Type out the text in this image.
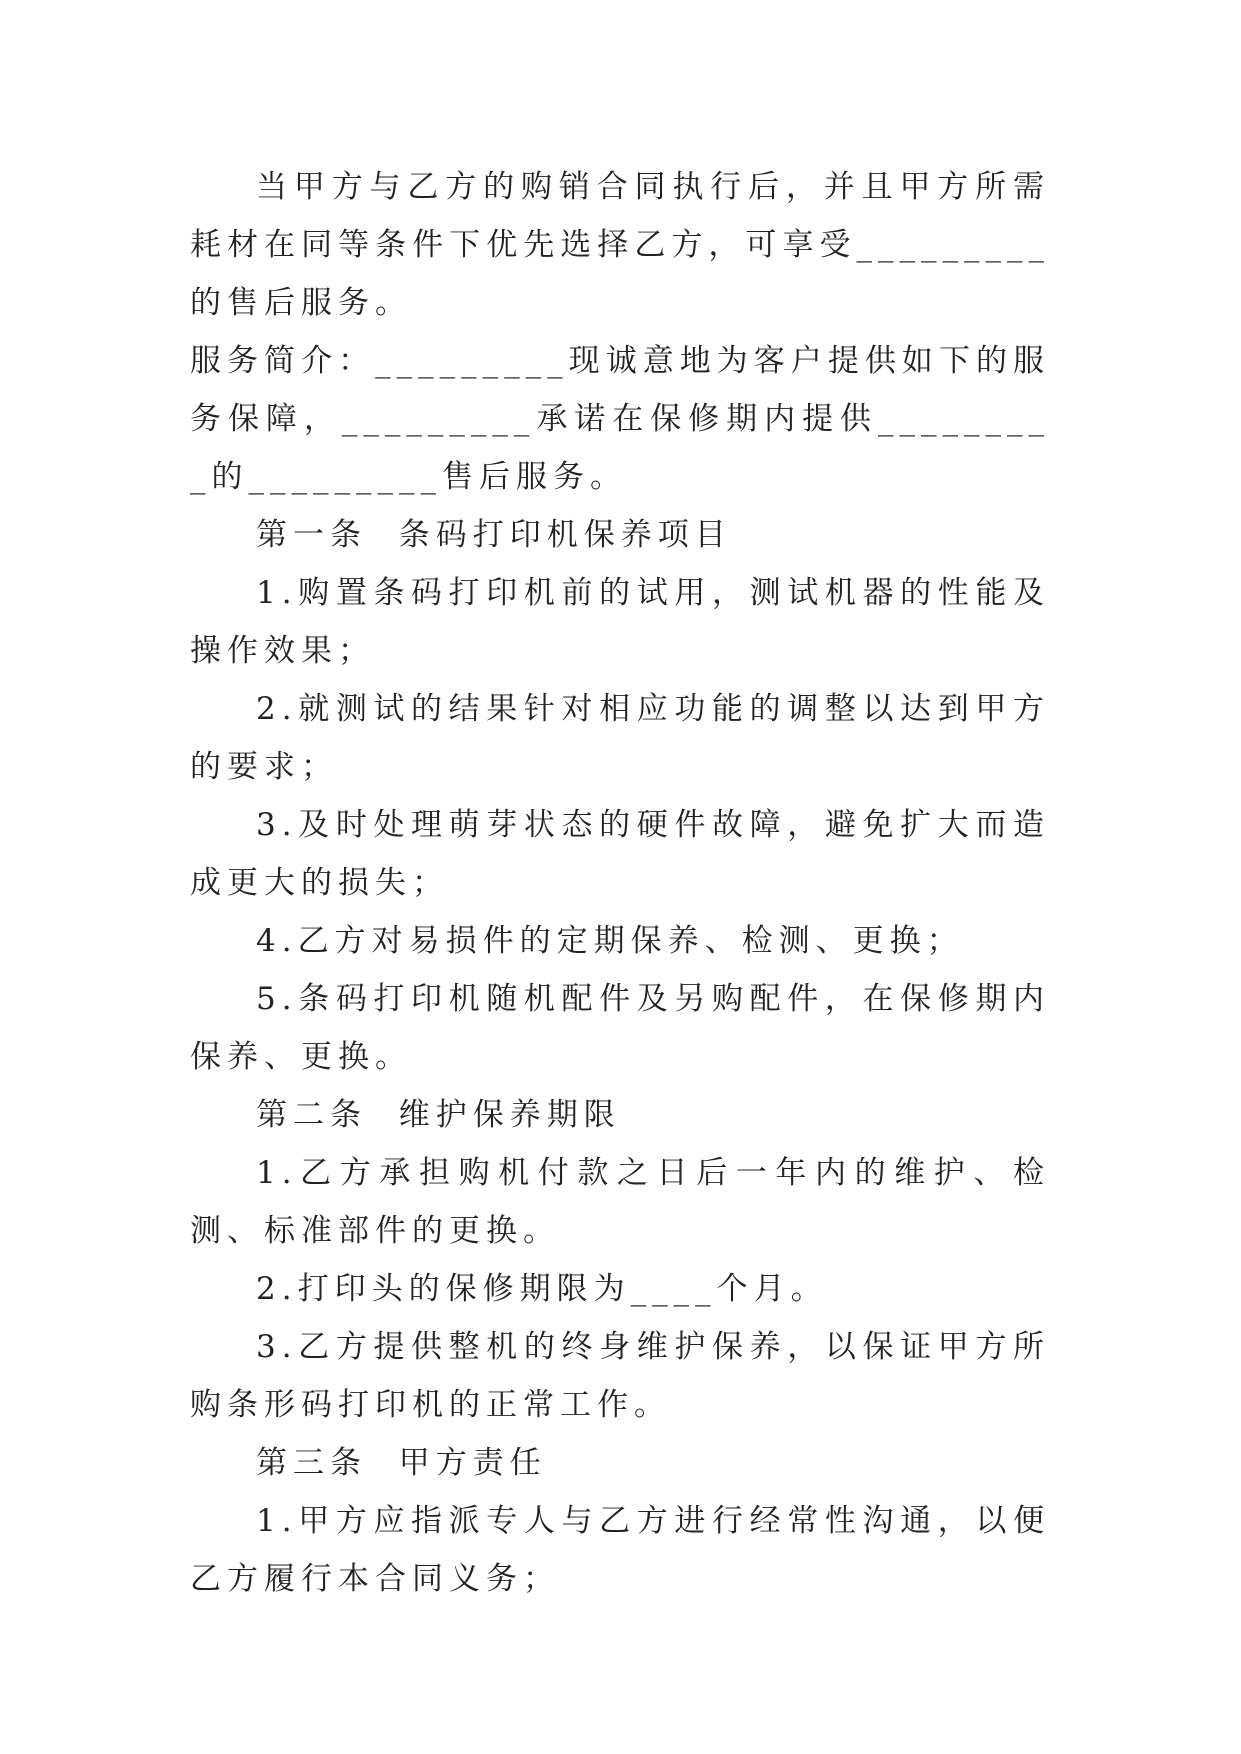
当甲方与乙方的购销合同执行后，并且甲方所需耗材在同等条件下优先选择乙方，可享受_________的售后服务。

服务简介：_________现诚意地为客户提供如下的服务保障，_________承诺在保修期内提供_________的_________售后服务。

第一条  条码打印机保养项目

1.购置条码打印机前的试用，测试机器的性能及操作效果；

2.就测试的结果针对相应功能的调整以达到甲方的要求；

3.及时处理萌芽状态的硬件故障，避免扩大而造成更大的损失；

4.乙方对易损件的定期保养、检测、更换；

5.条码打印机随机配件及另购配件，在保修期内保养、更换。

第二条  维护保养期限

1.乙方承担购机付款之日后一年内的维护、检测、标准部件的更换。

2.打印头的保修期限为____个月。

3.乙方提供整机的终身维护保养，以保证甲方所购条形码打印机的正常工作。

第三条  甲方责任

1.甲方应指派专人与乙方进行经常性沟通，以便乙方履行本合同义务；
